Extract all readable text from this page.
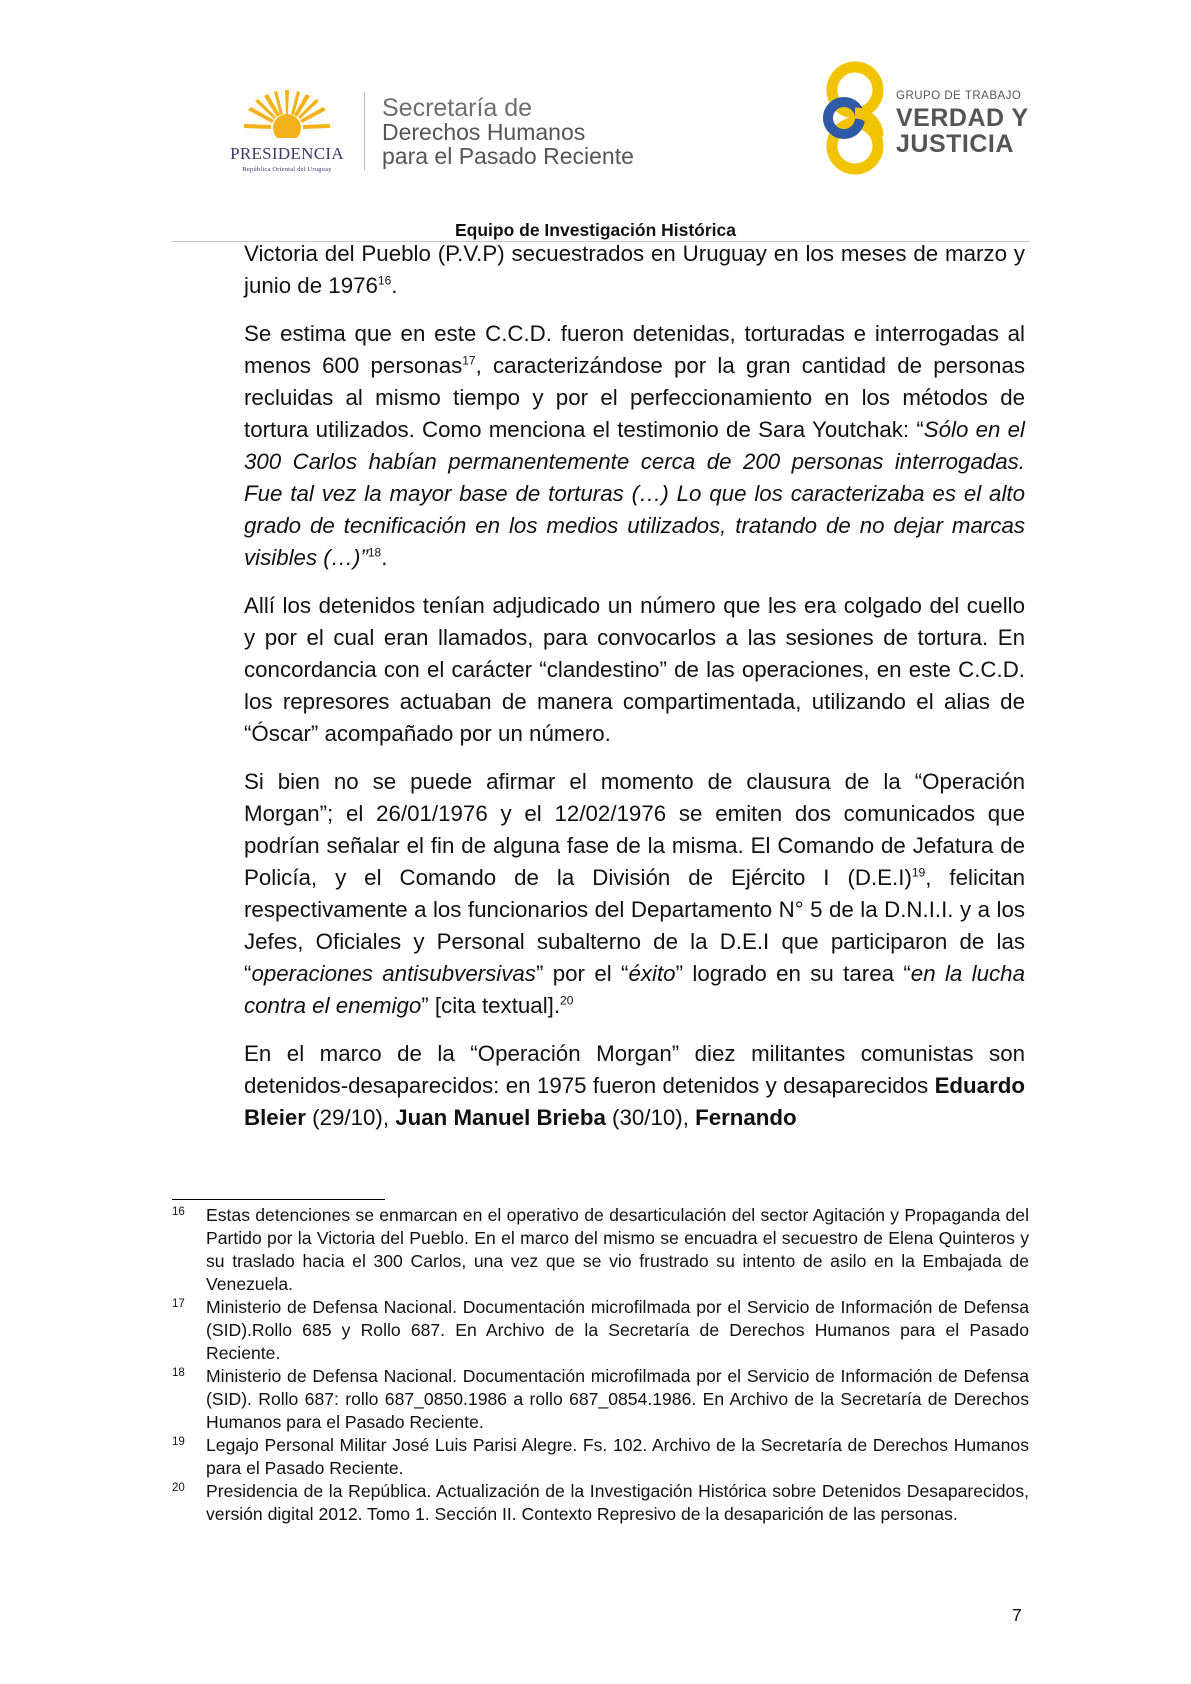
PRESIDENCIA
República Oriental del Uruguay
Secretaría de
Derechos Humanos
para el Pasado Reciente
GRUPO DE TRABAJO
VERDAD Y
JUSTICIA
Equipo de Investigación Histórica

Victoria del Pueblo (P.V.P) secuestrados en Uruguay en los meses de marzo y junio de 1976$^{16}$.

Se estima que en este C.C.D. fueron detenidas, torturadas e interrogadas al menos 600 personas$^{17}$, caracterizándose por la gran cantidad de personas recluidas al mismo tiempo y por el perfeccionamiento en los métodos de tortura utilizados. Como menciona el testimonio de Sara Youtchak: “Sólo en el 300 Carlos habían permanentemente cerca de 200 personas interrogadas. Fue tal vez la mayor base de torturas (…) Lo que los caracterizaba es el alto grado de tecnificación en los medios utilizados, tratando de no dejar marcas visibles (…)”$^{18}$.

Allí los detenidos tenían adjudicado un número que les era colgado del cuello y por el cual eran llamados, para convocarlos a las sesiones de tortura. En concordancia con el carácter “clandestino” de las operaciones, en este C.C.D. los represores actuaban de manera compartimentada, utilizando el alias de “Óscar” acompañado por un número.

Si bien no se puede afirmar el momento de clausura de la “Operación Morgan”; el 26/01/1976 y el 12/02/1976 se emiten dos comunicados que podrían señalar el fin de alguna fase de la misma. El Comando de Jefatura de Policía, y el Comando de la División de Ejército I $(D.E.I)^{19}$, felicitan respectivamente a los funcionarios del Departamento N° 5 de la D.N.I.I. y a los Jefes, Oficiales y Personal subalterno de la D.E.I que participaron de las “operaciones antisubversivas” por el “éxito” logrado en su tarea “en la lucha contra el enemigo” [cita textual].$^{20}$

En el marco de la “Operación Morgan” diez militantes comunistas son detenidos-desaparecidos: en 1975 fueron detenidos y desaparecidos Eduardo Bleier (29/10), Juan Manuel Brieba (30/10), Fernando

16 Estas detenciones se enmarcan en el operativo de desarticulación del sector Agitación y Propaganda del Partido por la Victoria del Pueblo. En el marco del mismo se encuadra el secuestro de Elena Quinteros y su traslado hacia el 300 Carlos, una vez que se vio frustrado su intento de asilo en la Embajada de Venezuela.
17 Ministerio de Defensa Nacional. Documentación microfilmada por el Servicio de Información de Defensa (SID).Rollo 685 y Rollo 687. En Archivo de la Secretaría de Derechos Humanos para el Pasado Reciente.
18 Ministerio de Defensa Nacional. Documentación microfilmada por el Servicio de Información de Defensa (SID). Rollo 687: rollo 687_0850.1986 a rollo 687_0854.1986. En Archivo de la Secretaría de Derechos Humanos para el Pasado Reciente.
19 Legajo Personal Militar José Luis Parisi Alegre. Fs. 102. Archivo de la Secretaría de Derechos Humanos para el Pasado Reciente.
20 Presidencia de la República. Actualización de la Investigación Histórica sobre Detenidos Desaparecidos, versión digital 2012. Tomo 1. Sección II. Contexto Represivo de la desaparición de las personas.
7
